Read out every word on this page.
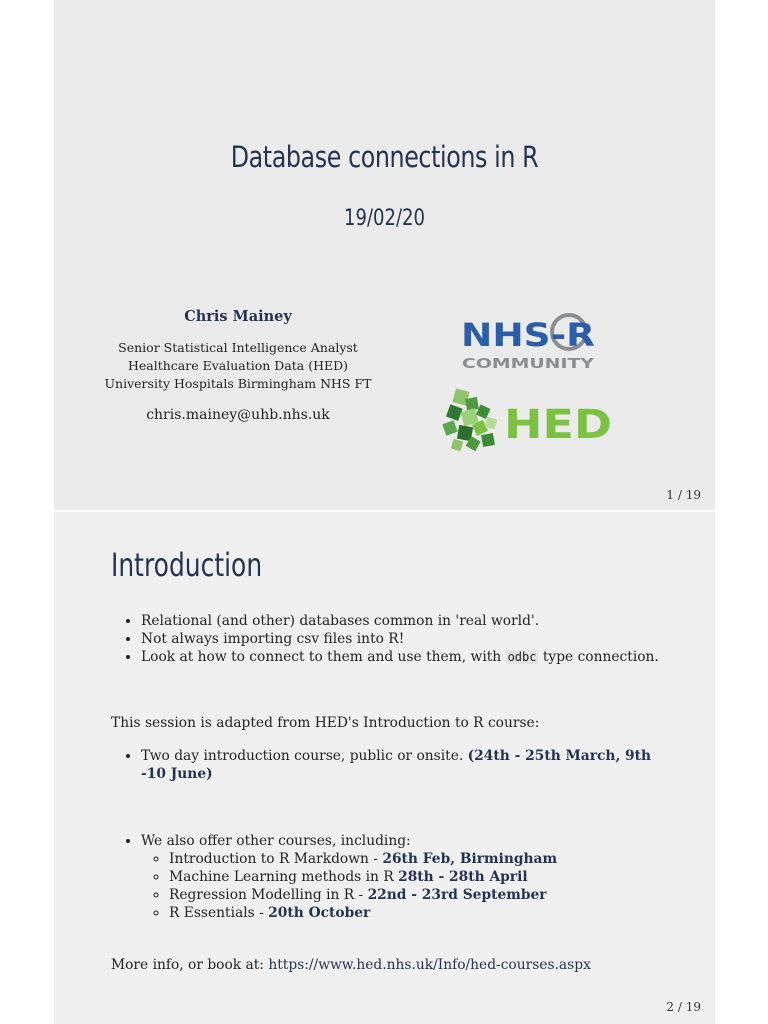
Database connections in R
19/02/20
Chris Mainey
Senior Statistical Intelligence Analyst
Healthcare Evaluation Data (HED)
University Hospitals Birmingham NHS FT
chris.mainey@uhb.nhs.uk
NHS-R
COMMUNITY
HED
1 / 19
Introduction
• Relational (and other) databases common in 'real world'.
• Not always importing csv files into R!
• Look at how to connect to them and use them, with odbc type connection.

This session is adapted from HED's Introduction to R course:

• Two day introduction course, public or onsite. (24th - 25th March, 9th -10 June)
• We also offer other courses, including:
◦ Introduction to R Markdown - 26th Feb, Birmingham
◦ Machine Learning methods in R 28th - 28th April
◦ Regression Modelling in R - 22nd - 23rd September
◦ R Essentials - 20th October

More info, or book at: https://www.hed.nhs.uk/Info/hed-courses.aspx

2 / 19
